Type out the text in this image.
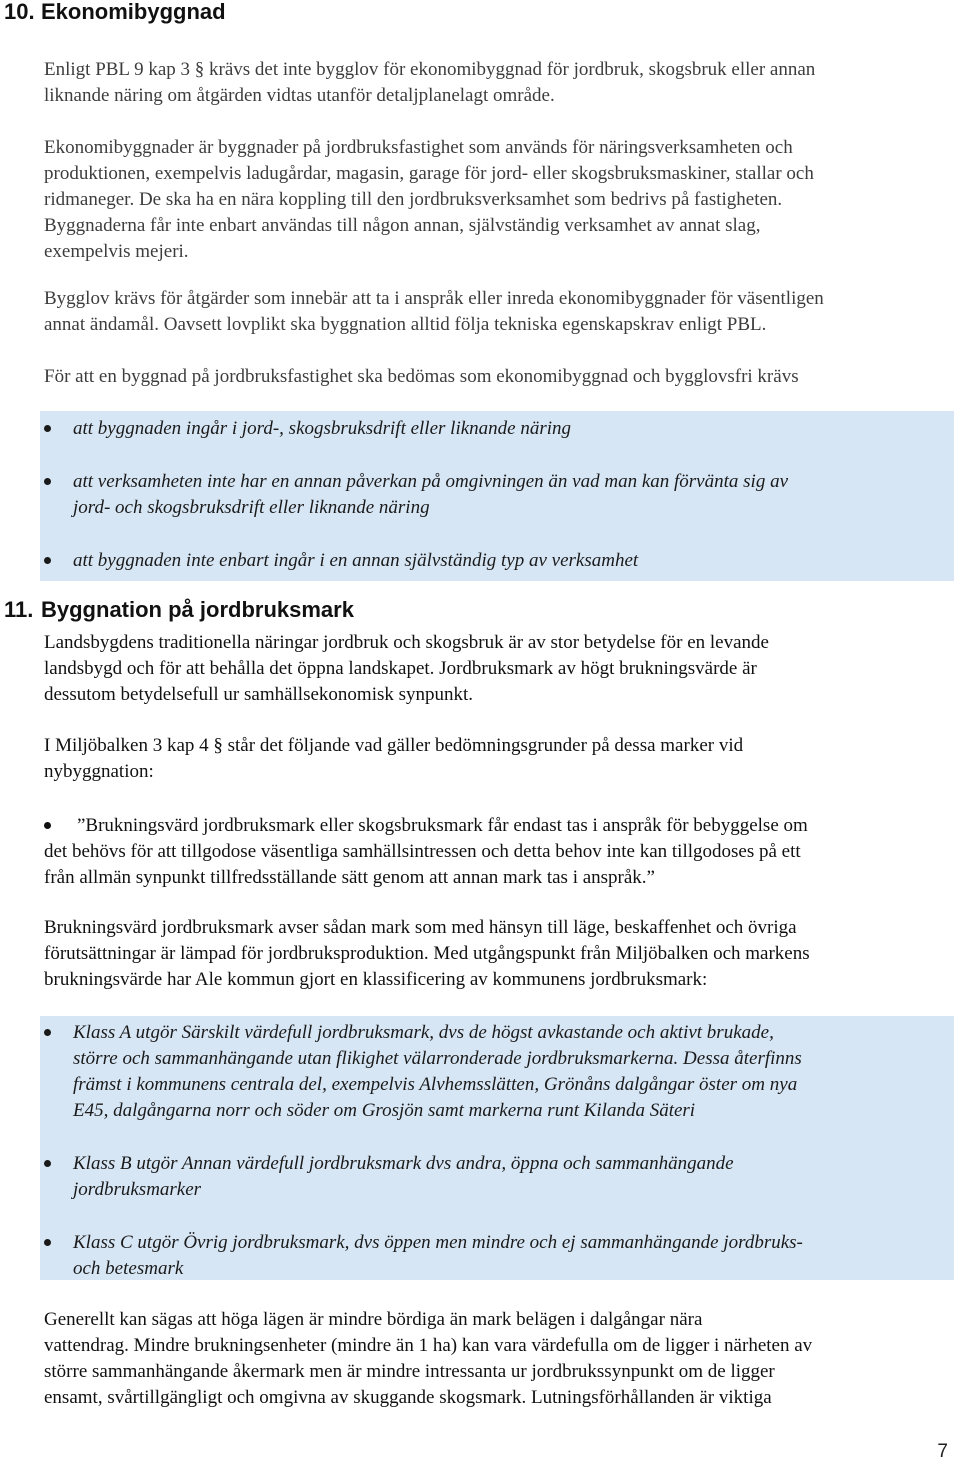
10. Ekonomibyggnad
Enligt PBL 9 kap 3 § krävs det inte bygglov för ekonomibyggnad för jordbruk, skogsbruk eller annan
liknande näring om åtgärden vidtas utanför detaljplanelagt område.
Ekonomibyggnader är byggnader på jordbruksfastighet som används för näringsverksamheten och
produktionen, exempelvis ladugårdar, magasin, garage för jord- eller skogsbruksmaskiner, stallar och
ridmaneger. De ska ha en nära koppling till den jordbruksverksamhet som bedrivs på fastigheten.
Byggnaderna får inte enbart användas till någon annan, självständig verksamhet av annat slag,
exempelvis mejeri.
Bygglov krävs för åtgärder som innebär att ta i anspråk eller inreda ekonomibyggnader för väsentligen
annat ändamål. Oavsett lovplikt ska byggnation alltid följa tekniska egenskapskrav enligt PBL.
För att en byggnad på jordbruksfastighet ska bedömas som ekonomibyggnad och bygglovsfri krävs
att byggnaden ingår i jord-, skogsbruksdrift eller liknande näring
att verksamheten inte har en annan påverkan på omgivningen än vad man kan förvänta sig av
jord- och skogsbruksdrift eller liknande näring
att byggnaden inte enbart ingår i en annan självständig typ av verksamhet
11. Byggnation på jordbruksmark
Landsbygdens traditionella näringar jordbruk och skogsbruk är av stor betydelse för en levande
landsbygd och för att behålla det öppna landskapet. Jordbruksmark av högt brukningsvärde är
dessutom betydelsefull ur samhällsekonomisk synpunkt.
I Miljöbalken 3 kap 4 § står det följande vad gäller bedömningsgrunder på dessa marker vid
nybyggnation:
”Brukningsvärd jordbruksmark eller skogsbruksmark får endast tas i anspråk för bebyggelse om
det behövs för att tillgodose väsentliga samhällsintressen och detta behov inte kan tillgodoses på ett
från allmän synpunkt tillfredsställande sätt genom att annan mark tas i anspråk.”
Brukningsvärd jordbruksmark avser sådan mark som med hänsyn till läge, beskaffenhet och övriga
förutsättningar är lämpad för jordbruksproduktion. Med utgångspunkt från Miljöbalken och markens
brukningsvärde har Ale kommun gjort en klassificering av kommunens jordbruksmark:
Klass A utgör Särskilt värdefull jordbruksmark, dvs de högst avkastande och aktivt brukade,
större och sammanhängande utan flikighet välarronderade jordbruksmarkerna. Dessa återfinns
främst i kommunens centrala del, exempelvis Alvhemsslätten, Grönåns dalgångar öster om nya
E45, dalgångarna norr och söder om Grosjön samt markerna runt Kilanda Säteri
Klass B utgör Annan värdefull jordbruksmark dvs andra, öppna och sammanhängande
jordbruksmarker
Klass C utgör Övrig jordbruksmark, dvs öppen men mindre och ej sammanhängande jordbruks-
och betesmark
Generellt kan sägas att höga lägen är mindre bördiga än mark belägen i dalgångar nära
vattendrag. Mindre brukningsenheter (mindre än 1 ha) kan vara värdefulla om de ligger i närheten av
större sammanhängande åkermark men är mindre intressanta ur jordbrukssynpunkt om de ligger
ensamt, svårtillgängligt och omgivna av skuggande skogsmark. Lutningsförhållanden är viktiga
7
